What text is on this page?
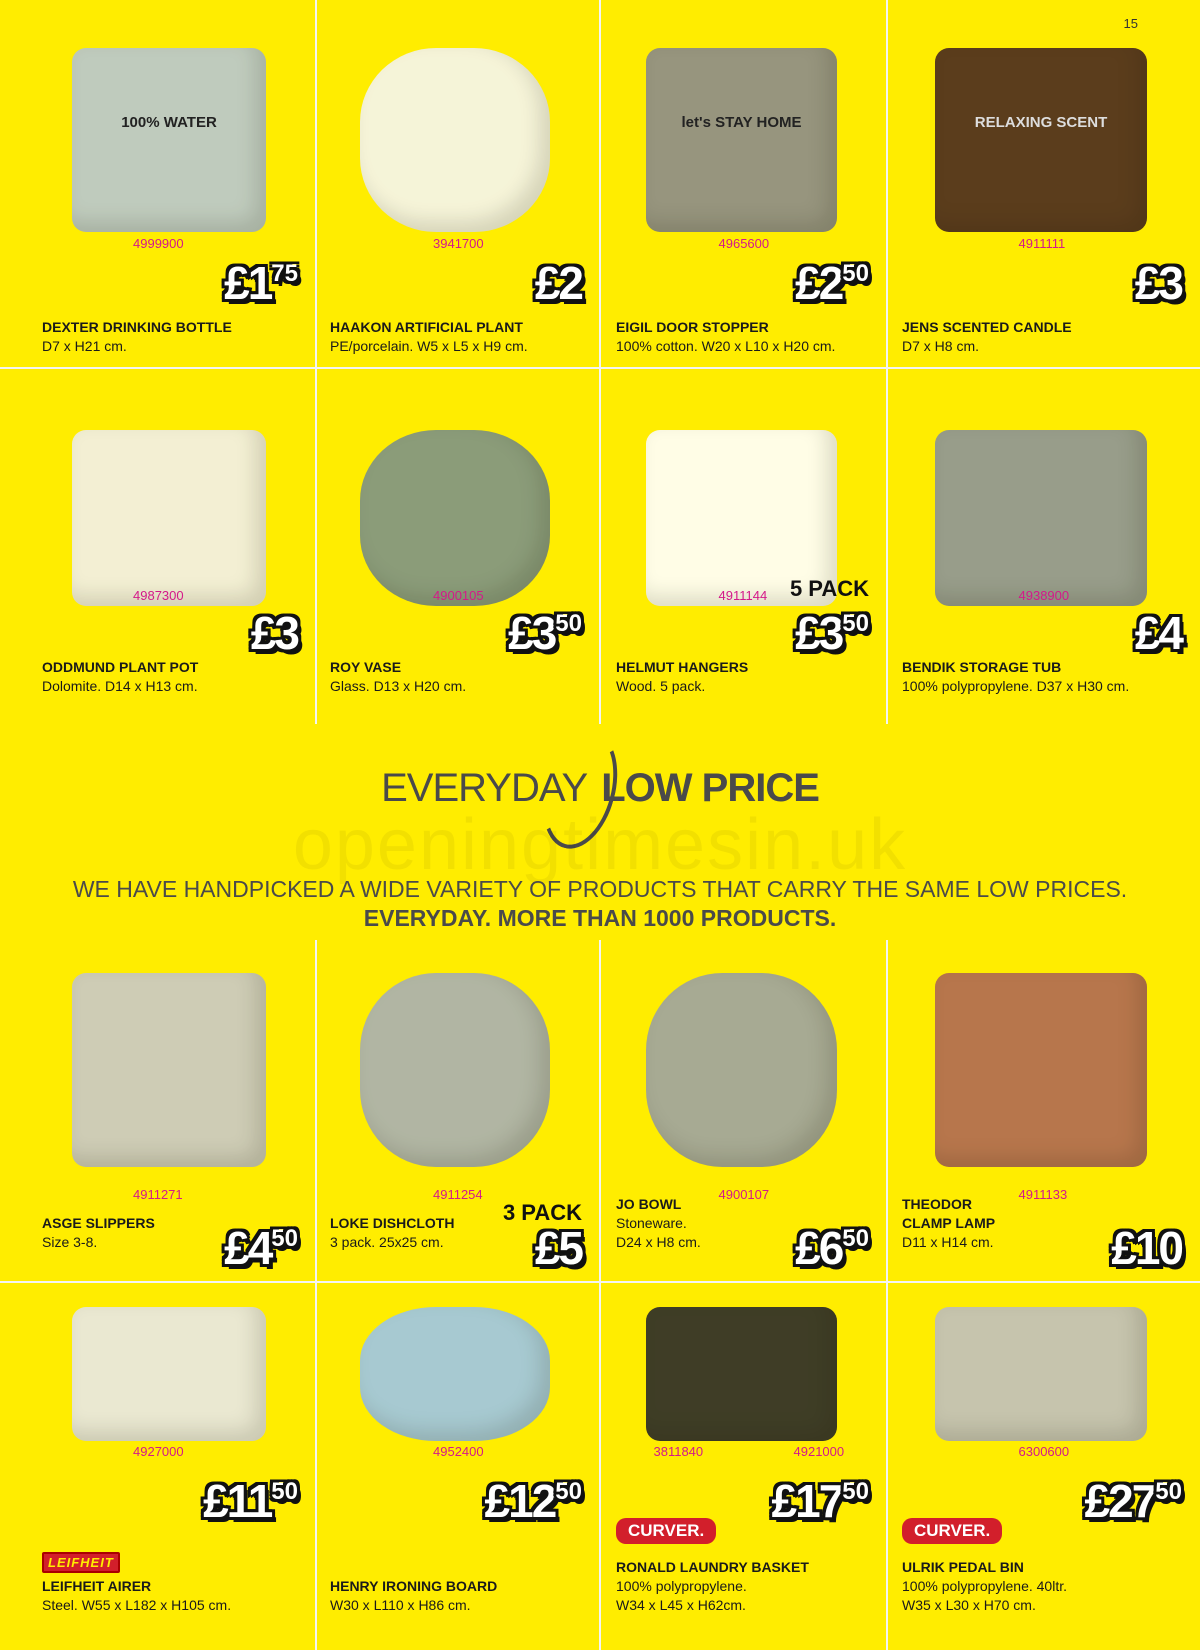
15
EVERYDAY LOW PRICE
openingtimesin.uk
WE HAVE HANDPICKED A WIDE VARIETY OF PRODUCTS THAT CARRY THE SAME LOW PRICES.
EVERYDAY. MORE THAN 1000 PRODUCTS.
100% WATER
4999900
$£1^{75}$
DEXTER DRINKING BOTTLE
D7 x H21 cm.
3941700
£2
HAAKON ARTIFICIAL PLANT
PE/porcelain. W5 x L5 x H9 cm.
let's STAY HOME
4965600
$£2^{50}$
EIGIL DOOR STOPPER
100% cotton. W20 x L10 x H20 cm.
RELAXING SCENT
4911111
£3
JENS SCENTED CANDLE
D7 x H8 cm.
4987300
£3
ODDMUND PLANT POT
Dolomite. D14 x H13 cm.
4900105
$£3^{50}$
ROY VASE
Glass. D13 x H20 cm.
4911144
$£3^{50}$
5 PACK
HELMUT HANGERS
Wood. 5 pack.
4938900
£4
BENDIK STORAGE TUB
100% polypropylene. D37 x H30 cm.
4911271
$£4^{50}$
ASGE SLIPPERS
Size 3-8.
4911254
£5
3 PACK
LOKE DISHCLOTH
3 pack. 25x25 cm.
4900107
$£6^{50}$
JO BOWL
Stoneware.
D24 x H8 cm.
4911133
£10
THEODOR
CLAMP LAMP
D11 x H14 cm.
4927000
$£11^{50}$
LEIFHEIT
LEIFHEIT AIRER
Steel. W55 x L182 x H105 cm.
4952400
$£12^{50}$
HENRY IRONING BOARD
W30 x L110 x H86 cm.
3811840	4921000
$£17^{50}$
CURVER.
RONALD LAUNDRY BASKET
100% polypropylene.
W34 x L45 x H62cm.
6300600
$£27^{50}$
CURVER.
ULRIK PEDAL BIN
100% polypropylene. 40ltr.
W35 x L30 x H70 cm.
